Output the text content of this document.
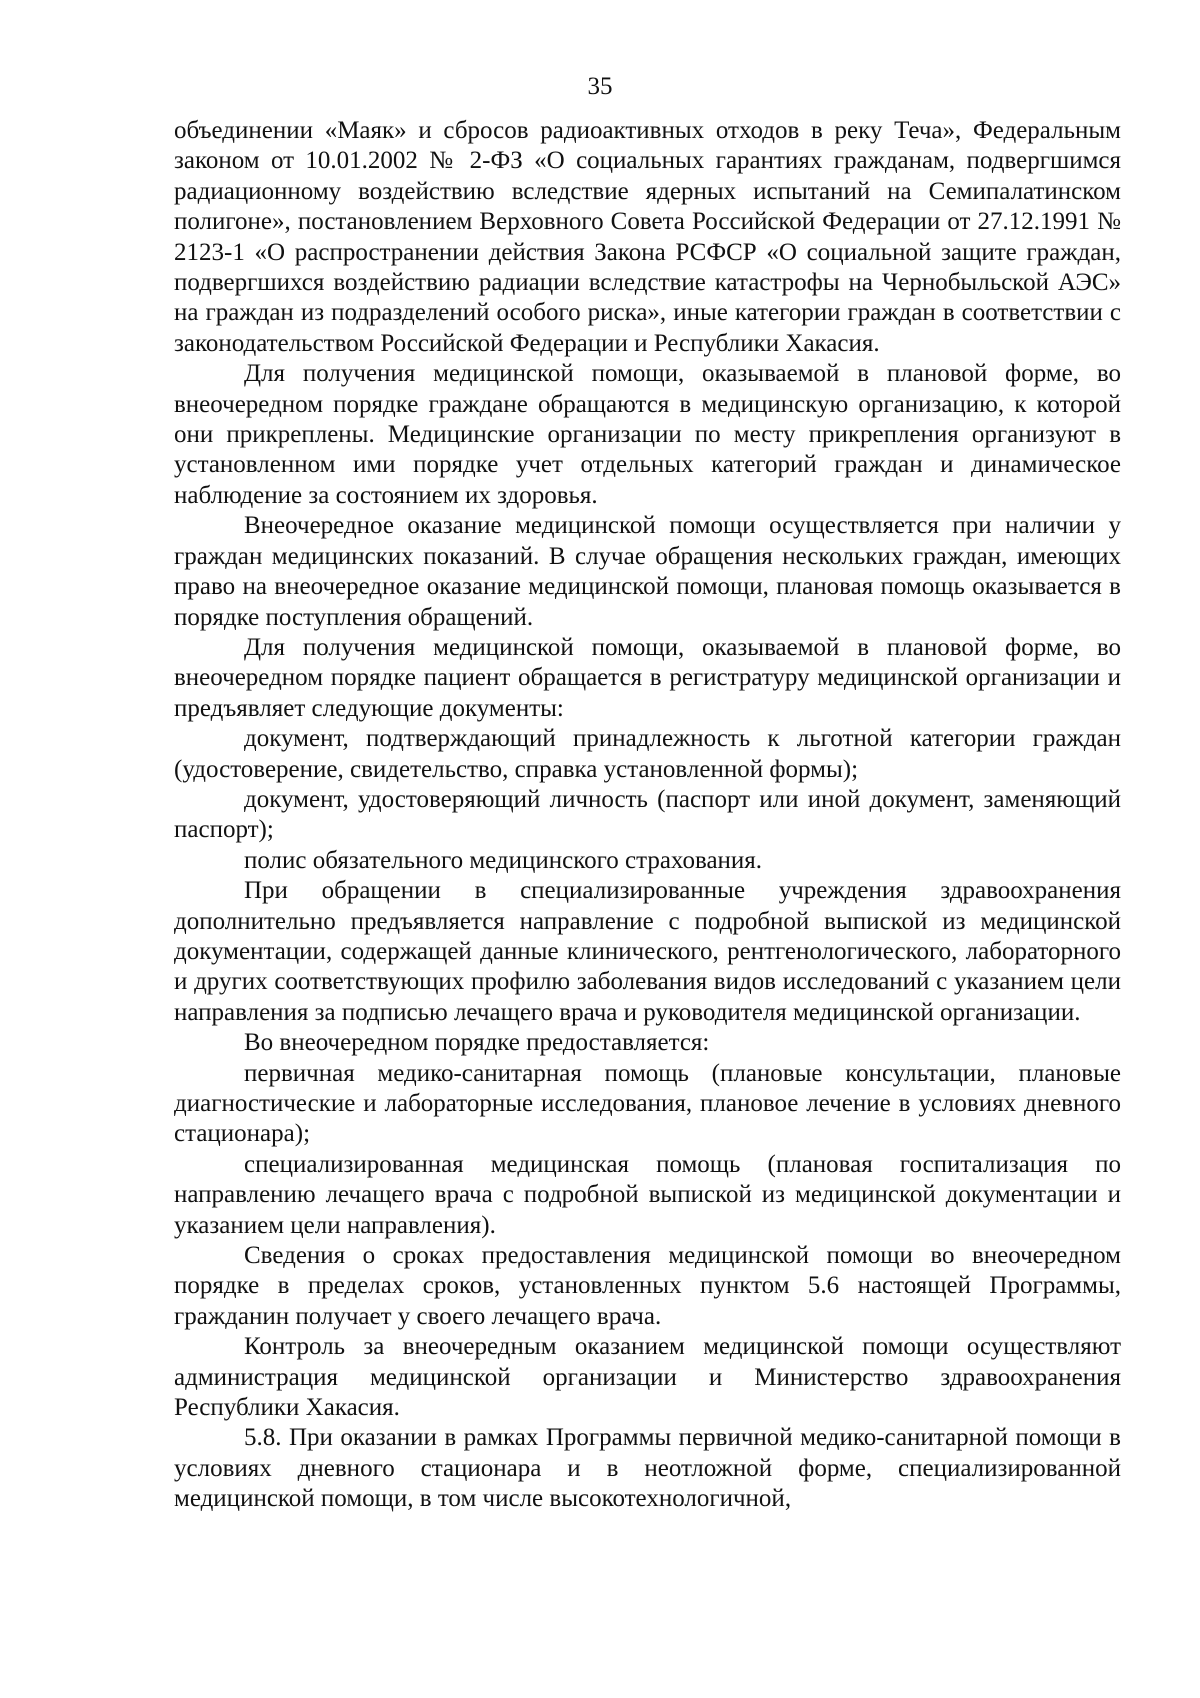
35

объединении «Маяк» и сбросов радиоактивных отходов в реку Теча», Федеральным законом от 10.01.2002 № 2-ФЗ «О социальных гарантиях гражданам, подвергшимся радиационному воздействию вследствие ядерных испытаний на Семипалатинском полигоне», постановлением Верховного Совета Российской Федерации от 27.12.1991 № 2123-1 «О распространении действия Закона РСФСР «О социальной защите граждан, подвергшихся воздействию радиации вследствие катастрофы на Чернобыльской АЭС» на граждан из подразделений особого риска», иные категории граждан в соответствии с законодательством Российской Федерации и Республики Хакасия.

Для получения медицинской помощи, оказываемой в плановой форме, во внеочередном порядке граждане обращаются в медицинскую организацию, к которой они прикреплены. Медицинские организации по месту прикрепления организуют в установленном ими порядке учет отдельных категорий граждан и динамическое наблюдение за состоянием их здоровья.

Внеочередное оказание медицинской помощи осуществляется при наличии у граждан медицинских показаний. В случае обращения нескольких граждан, имеющих право на внеочередное оказание медицинской помощи, плановая помощь оказывается в порядке поступления обращений.

Для получения медицинской помощи, оказываемой в плановой форме, во внеочередном порядке пациент обращается в регистратуру медицинской организации и предъявляет следующие документы:

документ, подтверждающий принадлежность к льготной категории граждан (удостоверение, свидетельство, справка установленной формы);

документ, удостоверяющий личность (паспорт или иной документ, заменяющий паспорт);

полис обязательного медицинского страхования.

При обращении в специализированные учреждения здравоохранения дополнительно предъявляется направление с подробной выпиской из медицинской документации, содержащей данные клинического, рентгенологического, лабораторного и других соответствующих профилю заболевания видов исследований с указанием цели направления за подписью лечащего врача и руководителя медицинской организации.

Во внеочередном порядке предоставляется:

первичная медико-санитарная помощь (плановые консультации, плановые диагностические и лабораторные исследования, плановое лечение в условиях дневного стационара);

специализированная медицинская помощь (плановая госпитализация по направлению лечащего врача с подробной выпиской из медицинской документации и указанием цели направления).

Сведения о сроках предоставления медицинской помощи во внеочередном порядке в пределах сроков, установленных пунктом 5.6 настоящей Программы, гражданин получает у своего лечащего врача.

Контроль за внеочередным оказанием медицинской помощи осуществляют администрация медицинской организации и Министерство здравоохранения Республики Хакасия.

5.8. При оказании в рамках Программы первичной медико-санитарной помощи в условиях дневного стационара и в неотложной форме, специализированной медицинской помощи, в том числе высокотехнологичной,
